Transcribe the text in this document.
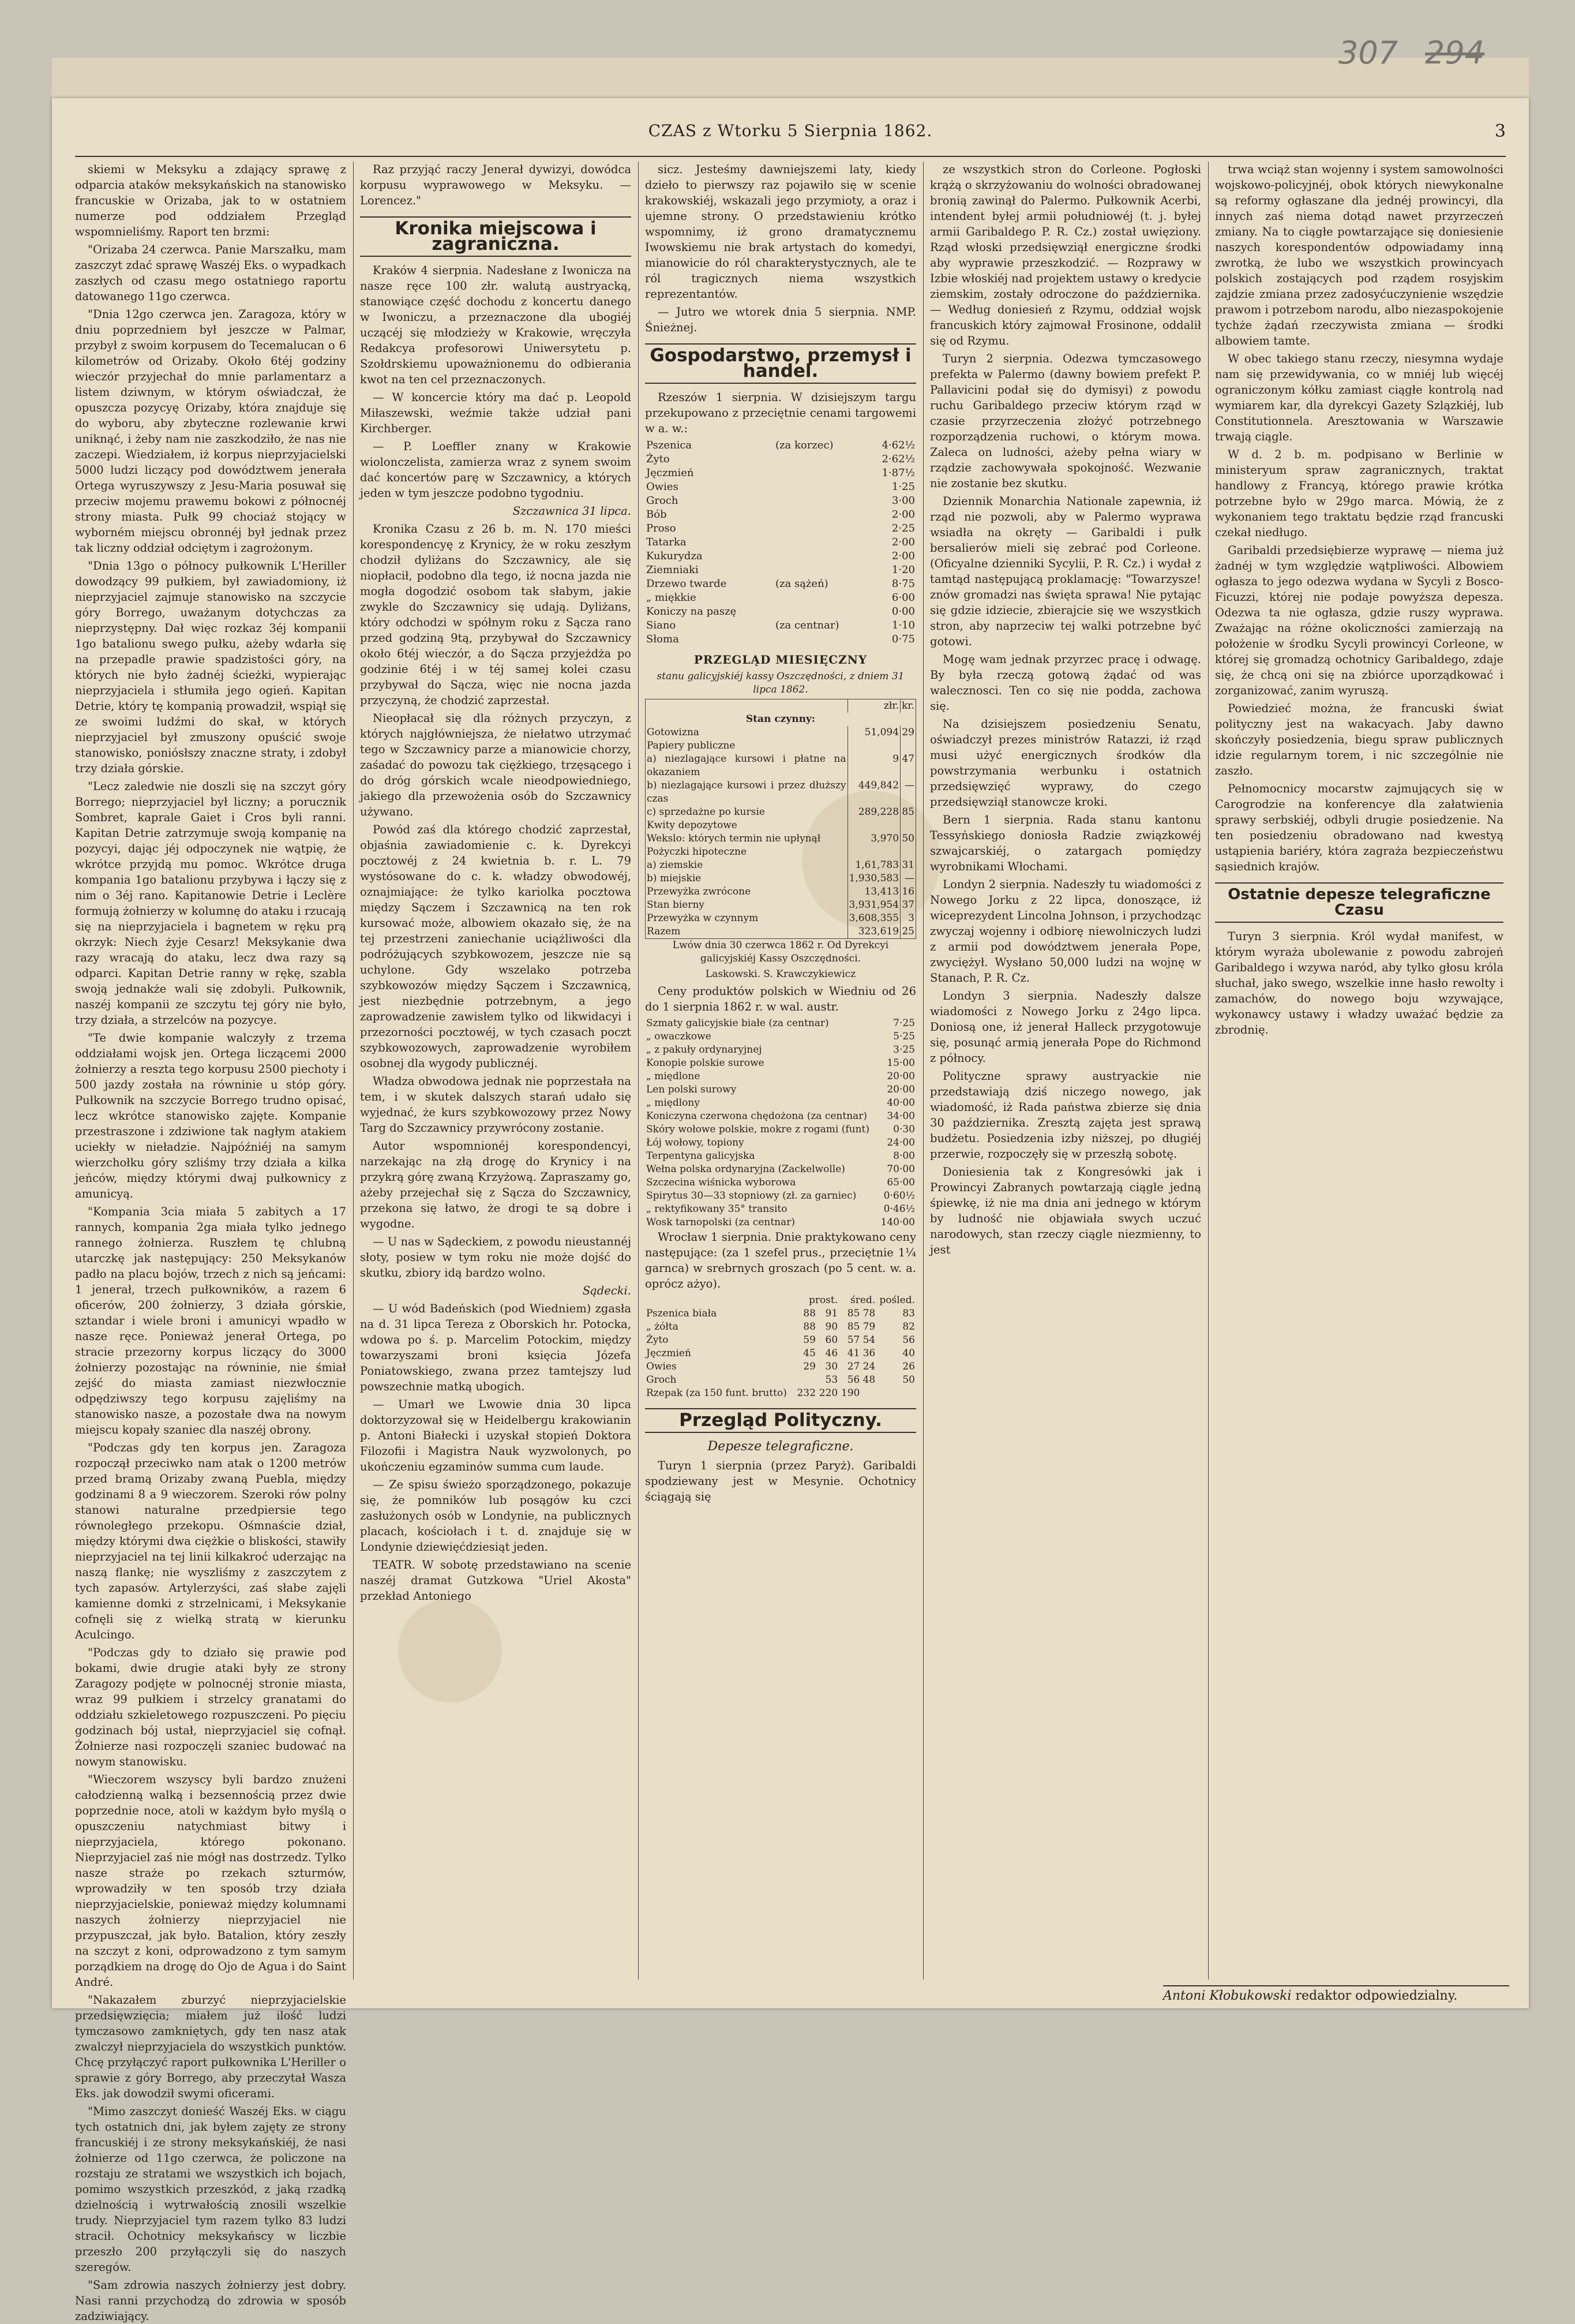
307 294
CZAS z Wtorku 5 Sierpnia 1862.	3

skiemi w Meksyku a zdający sprawę z odparcia ataków meksykańskich na stanowisko francuskie w Orizaba, jak to w ostatniem numerze pod oddziałem Przegląd wspomnieliśmy. Raport ten brzmi:

"Orizaba 24 czerwca. Panie Marszałku, mam zaszczyt zdać sprawę Waszéj Eks. o wypadkach zaszłych od czasu mego ostatniego raportu datowanego 11go czerwca.

"Dnia 12go czerwca jen. Zaragoza, który w dniu poprzedniem był jeszcze w Palmar, przybył z swoim korpusem do Tecemalucan o 6 kilometrów od Orizaby. Około 6téj godziny wieczór przyjechał do mnie parlamentarz a listem dziwnym, w którym oświadczał, że opuszcza pozycyę Orizaby, która znajduje się do wyboru, aby zbyteczne rozlewanie krwi uniknąć, i żeby nam nie zaszkodziło, że nas nie zaczepi. Wiedziałem, iż korpus nieprzyjacielski 5000 ludzi liczący pod dowództwem jenerała Ortega wyruszywszy z Jesu-Maria posuwał się przeciw mojemu prawemu bokowi z północnéj strony miasta. Pułk 99 chociaż stojący w wyborném miejscu obronnéj był jednak przez tak liczny oddział odciętym i zagrożonym.

"Dnia 13go o północy pułkownik L'Heriller dowodzący 99 pułkiem, był zawiadomiony, iż nieprzyjaciel zajmuje stanowisko na szczycie góry Borrego, uważanym dotychczas za nieprzystępny. Dał więc rozkaz 3éj kompanii 1go batalionu swego pułku, ażeby wdarła się na przepadle prawie spadzistości góry, na których nie było żadnéj ścieżki, wypierając nieprzyjaciela i stłumiła jego ogień. Kapitan Detrie, który tę kompanią prowadził, wspiął się ze swoimi ludźmi do skał, w których nieprzyjaciel był zmuszony opuścić swoje stanowisko, poniósłszy znaczne straty, i zdobył trzy działa górskie.

"Lecz zaledwie nie doszli się na szczyt góry Borrego; nieprzyjaciel był liczny; a porucznik Sombret, kaprale Gaiet i Cros byli ranni. Kapitan Detrie zatrzymuje swoją kompanię na pozycyi, dając jéj odpoczynek nie wątpię, że wkrótce przyjdą mu pomoc. Wkrótce druga kompania 1go batalionu przybywa i łączy się z nim o 3éj rano. Kapitanowie Detrie i Leclère formują żołnierzy w kolumnę do ataku i rzucają się na nieprzyjaciela i bagnetem w ręku prą okrzyk: Niech żyje Cesarz! Meksykanie dwa razy wracają do ataku, lecz dwa razy są odparci. Kapitan Detrie ranny w rękę, szabla swoją jednakże wali się zdobyli. Pułkownik, naszéj kompanii ze szczytu tej góry nie było, trzy działa, a strzelców na pozycye.

"Te dwie kompanie walczyły z trzema oddziałami wojsk jen. Ortega liczącemi 2000 żołnierzy a reszta tego korpusu 2500 piechoty i 500 jazdy została na równinie u stóp góry. Pułkownik na szczycie Borrego trudno opisać, lecz wkrótce stanowisko zajęte. Kompanie przestraszone i zdziwione tak nagłym atakiem uciekły w nieładzie. Najpóźniéj na samym wierzchołku góry szliśmy trzy działa a kilka jeńców, między którymi dwaj pułkownicy z amunicyą.

"Kompania 3cia miała 5 zabitych a 17 rannych, kompania 2ga miała tylko jednego rannego żołnierza. Ruszłem tę chlubną utarczkę jak następujący: 250 Meksykanów padło na placu bojów, trzech z nich są jeńcami: 1 jenerał, trzech pułkowników, a razem 6 oficerów, 200 żołnierzy, 3 działa górskie, sztandar i wiele broni i amunicyi wpadło w nasze ręce. Ponieważ jenerał Ortega, po stracie przezorny korpus liczący do 3000 żołnierzy pozostając na równinie, nie śmiał zejść do miasta zamiast niezwłocznie odpędziwszy tego korpusu zajęliśmy na stanowisko nasze, a pozostałe dwa na nowym miejscu kopały szaniec dla naszéj obrony.

"Podczas gdy ten korpus jen. Zaragoza rozpoczął przeciwko nam atak o 1200 metrów przed bramą Orizaby zwaną Puebla, między godzinami 8 a 9 wieczorem. Szeroki rów polny stanowi naturalne przedpiersie tego równoległego przekopu. Ośmnaście dział, między którymi dwa ciężkie o bliskości, stawiły nieprzyjaciel na tej linii kilkakroć uderzając na naszą flankę; nie wyszliśmy z zaszczytem z tych zapasów. Artylerzyści, zaś słabe zajęli kamienne domki z strzelnicami, i Meksykanie cofnęli się z wielką stratą w kierunku Aculcingo.

"Podczas gdy to działo się prawie pod bokami, dwie drugie ataki były ze strony Zaragozy podjęte w polnocnéj stronie miasta, wraz 99 pułkiem i strzelcy granatami do oddziału szkieletowego rozpuszczeni. Po pięciu godzinach bój ustał, nieprzyjaciel się cofnął. Żołnierze nasi rozpoczęli szaniec budować na nowym stanowisku.

"Wieczorem wszyscy byli bardzo znużeni całodzienną walką i bezsennością przez dwie poprzednie noce, atoli w każdym było myślą o opuszczeniu natychmiast bitwy i nieprzyjaciela, którego pokonano. Nieprzyjaciel zaś nie mógł nas dostrzedz. Tylko nasze straże po rzekach szturmów, wprowadziły w ten sposób trzy działa nieprzyjacielskie, ponieważ między kolumnami naszych żołnierzy nieprzyjaciel nie przypuszczał, jak było. Batalion, który zeszły na szczyt z koni, odprowadzono z tym samym porządkiem na drogę do Ojo de Agua i do Saint André.

"Nakazałem zburzyć nieprzyjacielskie przedsięwzięcia; miałem już ilość ludzi tymczasowo zamkniętych, gdy ten nasz atak zwalczył nieprzyjaciela do wszystkich punktów. Chcę przyłączyć raport pułkownika L'Heriller o sprawie z góry Borrego, aby przeczytał Wasza Eks. jak dowodził swymi oficerami.

"Mimo zaszczyt donieść Waszéj Eks. w ciągu tych ostatnich dni, jak byłem zajęty ze strony francuskiéj i ze strony meksykańskiéj, że nasi żołnierze od 11go czerwca, że policzone na rozstaju ze stratami we wszystkich ich bojach, pomimo wszystkich przeszkód, z jaką rzadką dzielnością i wytrwałością znosili wszelkie trudy. Nieprzyjaciel tym razem tylko 83 ludzi stracił. Ochotnicy meksykańscy w liczbie przeszło 200 przyłączyli się do naszych szeregów.

"Sam zdrowia naszych żołnierzy jest dobry. Nasi ranni przychodzą do zdrowia w sposób zadziwiający.

Raz przyjąć raczy Jenerał dywizyi, dowódca korpusu wyprawowego w Meksyku. — Lorencez."

Kronika miejscowa i zagraniczna.

Kraków 4 sierpnia. Nadesłane z Iwonicza na nasze ręce 100 złr. walutą austryacką, stanowiące część dochodu z koncertu danego w Iwoniczu, a przeznaczone dla ubogiéj uczącéj się młodzieży w Krakowie, wręczyła Redakcya profesorowi Uniwersytetu p. Szołdrskiemu upoważnionemu do odbierania kwot na ten cel przeznaczonych.

— W koncercie który ma dać p. Leopold Miłaszewski, weźmie także udział pani Kirchberger.

— P. Loeffler znany w Krakowie wiolonczelista, zamierza wraz z synem swoim dać koncertów parę w Szczawnicy, a których jeden w tym jeszcze podobno tygodniu.

Szczawnica 31 lipca.

Kronika Czasu z 26 b. m. N. 170 mieści korespondencyę z Krynicy, że w roku zeszłym chodził dyliżans do Szczawnicy, ale się niopłacił, podobno dla tego, iż nocna jazda nie mogła dogodzić osobom tak słabym, jakie zwykle do Szczawnicy się udają. Dyliżans, który odchodzi w spółnym roku z Sącza rano przed godziną 9tą, przybywał do Szczawnicy około 6téj wieczór, a do Sącza przyjeżdża po godzinie 6téj i w téj samej kolei czasu przybywał do Sącza, więc nie nocna jazda przyczyną, że chodzić zaprzestał.

Nieopłacał się dla różnych przyczyn, z których najgłówniejsza, że niełatwo utrzymać tego w Szczawnicy parze a mianowicie chorzy, zaśadać do powozu tak ciężkiego, trzęsącego i do dróg górskich wcale nieodpowiedniego, jakiego dla przewożenia osób do Szczawnicy używano.

Powód zaś dla którego chodzić zaprzestał, objaśnia zawiadomienie c. k. Dyrekcyi pocztowéj z 24 kwietnia b. r. L. 79 wystósowane do c. k. władzy obwodowéj, oznajmiające: że tylko kariolka pocztowa między Sączem i Szczawnicą na ten rok kursować może, albowiem okazało się, że na tej przestrzeni zaniechanie uciążliwości dla podróżujących szybkowozem, jeszcze nie są uchylone. Gdy wszelako potrzeba szybkowozów między Sączem i Szczawnicą, jest niezbędnie potrzebnym, a jego zaprowadzenie zawisłem tylko od likwidacyi i przezorności pocztowéj, w tych czasach poczt szybkowozowych, zaprowadzenie wyrobiłem osobnej dla wygody publicznéj.

Władza obwodowa jednak nie poprzestała na tem, i w skutek dalszych starań udało się wyjednać, że kurs szybkowozowy przez Nowy Targ do Szczawnicy przywrócony zostanie.

Autor wspomnionéj korespondencyi, narzekając na złą drogę do Krynicy i na przykrą górę zwaną Krzyżową. Zapraszamy go, ażeby przejechał się z Sącza do Szczawnicy, przekona się łatwo, że drogi te są dobre i wygodne.

— U nas w Sądeckiem, z powodu nieustannéj słoty, posiew w tym roku nie może dojść do skutku, zbiory idą bardzo wolno.

Sądecki.

— U wód Badeńskich (pod Wiedniem) zgasła na d. 31 lipca Tereza z Oborskich hr. Potocka, wdowa po ś. p. Marcelim Potockim, między towarzyszami broni księcia Józefa Poniatowskiego, zwana przez tamtejszy lud powszechnie matką ubogich.

— Umarł we Lwowie dnia 30 lipca doktorzyzował się w Heidelbergu krakowianin p. Antoni Białecki i uzyskał stopień Doktora Filozofii i Magistra Nauk wyzwolonych, po ukończeniu egzaminów summa cum laude.

— Ze spisu świeżo sporządzonego, pokazuje się, że pomników lub posągów ku czci zasłużonych osób w Londynie, na publicznych placach, kościołach i t. d. znajduje się w Londynie dziewięćdziesiąt jeden.

TEATR. W sobotę przedstawiano na scenie naszéj dramat Gutzkowa "Uriel Akosta" przekład Antoniego

sicz. Jesteśmy dawniejszemi laty, kiedy dzieło to pierwszy raz pojawiło się w scenie krakowskiéj, wskazali jego przymioty, a oraz i ujemne strony. O przedstawieniu krótko wspomnimy, iż grono dramatycznemu Iwowskiemu nie brak artystach do komedyi, mianowicie do ról charakterystycznych, ale te ról tragicznych niema wszystkich reprezentantów.

— Jutro we wtorek dnia 5 sierpnia. NMP. Śnieżnej.

Gospodarstwo, przemysł i handel.

Rzeszów 1 sierpnia. W dzisiejszym targu przekupowano z przeciętnie cenami targowemi w a. w.:

Pszenica	(za korzec)	4·62½
Żyto		2·62½
Jęczmień		1·87½
Owies		1·25
Groch		3·00
Bób		2·00
Proso		2·25
Tatarka		2·00
Kukurydza		2·00
Ziemniaki		1·20
Drzewo twarde	(za sążeń)	8·75
„ miękkie		6·00
Koniczy na paszę		0·00
Siano	(za centnar)	1·10
Słoma		0·75
PRZEGLĄD MIESIĘCZNY

stanu galicyjskiéj kassy Oszczędności, z dniem 31 lipca 1862.

	złr.	kr.
Stan czynny:		
Gotowizna	51,094	29
Papiery publiczne		
a) niezlagające kursowi i płatne na okazaniem	9	47
b) niezlagające kursowi i przez dłuższy czas	449,842	—
c) sprzedażne po kursie	289,228	85
Kwity depozytowe		
Wekslo: których termin nie upłynął	3,970	50
Pożyczki hipoteczne		
a) ziemskie	1,61,783	31
b) miejskie	1,930,583	—
Przewyżka zwrócone	13,413	16
Stan bierny	3,931,954	37
Przewyżka w czynnym	3,608,355	3
Razem	323,619	25

Lwów dnia 30 czerwca 1862 r. Od Dyrekcyi galicyjskiéj Kassy Oszczędności.

Laskowski. S. Krawczykiewicz

Ceny produktów polskich w Wiedniu od 26 do 1 sierpnia 1862 r. w wal. austr.

Szmaty galicyjskie białe (za centnar)	7·25
„ owaczkowe	5·25
„ z pakuły ordynaryjnej	3·25
Konopie polskie surowe	15·00
„ międlone	20·00
Len polski surowy	20·00
„ międlony	40·00
Koniczyna czerwona chędożona (za centnar)	34·00
Skóry wołowe polskie, mokre z rogami (funt)	0·30
Łój wołowy, topiony	24·00
Terpentyna galicyjska	8·00
Wełna polska ordynaryjna (Zackelwolle)	70·00
Szczecina wiśnicka wyborowa	65·00
Spirytus 30—33 stopniowy (zł. za garniec)	0·60½
„ rektyfikowany 35° transito	0·46½
Wosk tarnopolski (za centnar)	140·00

Wrocław 1 sierpnia. Dnie praktykowano ceny następujące: (za 1 szefel prus., przeciętnie 1¼ garnca) w srebrnych groszach (po 5 cent. w. a. oprócz ażyo).

	prost.		śred.		pośled.
Pszenica biała	88	91	85	78	83
„ żółta	88	90	85	79	82
Żyto	59	60	57	54	56
Jęczmień	45	46	41	36	40
Owies	29	30	27	24	26
Groch		53	56	48	50
Rzepak (za 150 funt. brutto)	232	220	190		
Przegląd Polityczny.
Depesze telegraficzne.

Turyn 1 sierpnia (przez Paryż). Garibaldi spodziewany jest w Mesynie. Ochotnicy ściągają się

ze wszystkich stron do Corleone. Pogłoski krążą o skrzyżowaniu do wolności obradowanej bronią zawinął do Palermo. Pułkownik Acerbi, intendent byłej armii południowéj (t. j. byłej armii Garibaldego P. R. Cz.) został uwięziony. Rząd włoski przedsięwziął energiczne środki aby wyprawie przeszkodzić. — Rozprawy w Izbie włoskiéj nad projektem ustawy o kredycie ziemskim, zostały odroczone do października. — Według doniesień z Rzymu, oddział wojsk francuskich który zajmował Frosinone, oddalił się od Rzymu.

Turyn 2 sierpnia. Odezwa tymczasowego prefekta w Palermo (dawny bowiem prefekt P. Pallavicini podał się do dymisyi) z powodu ruchu Garibaldego przeciw którym rząd w czasie przyrzeczenia złożyć potrzebnego rozporządzenia ruchowi, o którym mowa. Zaleca on ludności, ażeby pełna wiary w rządzie zachowywała spokojność. Wezwanie nie zostanie bez skutku.

Dziennik Monarchia Nationale zapewnia, iż rząd nie pozwoli, aby w Palermo wyprawa wsiadła na okręty — Garibaldi i pułk bersalierów mieli się zebrać pod Corleone. (Oficyalne dzienniki Sycylii, P. R. Cz.) i wydał z tamtąd następującą proklamację: "Towarzysze! znów gromadzi nas święta sprawa! Nie pytając się gdzie idziecie, zbierajcie się we wszystkich stron, aby naprzeciw tej walki potrzebne być gotowi.

Mogę wam jednak przyrzec pracę i odwagę. By była rzeczą gotową żądać od was walecznosci. Ten co się nie podda, zachowa się.

Na dzisiejszem posiedzeniu Senatu, oświadczył prezes ministrów Ratazzi, iż rząd musi użyć energicznych środków dla powstrzymania werbunku i ostatnich przedsięwzięć wyprawy, do czego przedsięwziął stanowcze kroki.

Bern 1 sierpnia. Rada stanu kantonu Tessyńskiego doniosła Radzie związkowéj szwajcarskiéj, o zatargach pomiędzy wyrobnikami Włochami.

Londyn 2 sierpnia. Nadeszły tu wiadomości z Nowego Jorku z 22 lipca, donoszące, iż wiceprezydent Lincolna Johnson, i przychodząc zwyczaj wojenny i odbiorę niewolniczych ludzi z armii pod dowództwem jenerała Pope, zwyciężył. Wysłano 50,000 ludzi na wojnę w Stanach, P. R. Cz.

Londyn 3 sierpnia. Nadeszły dalsze wiadomości z Nowego Jorku z 24go lipca. Doniosą one, iż jenerał Halleck przygotowuje się, posunąć armią jenerała Pope do Richmond z północy.

Polityczne sprawy austryackie nie przedstawiają dziś niczego nowego, jak wiadomość, iż Rada państwa zbierze się dnia 30 października. Zresztą zajęta jest sprawą budżetu. Posiedzenia izby niższej, po długiéj przerwie, rozpoczęły się w przeszłą sobotę.

Doniesienia tak z Kongresówki jak i Prowincyi Zabranych powtarzają ciągle jedną śpiewkę, iż nie ma dnia ani jednego w którym by ludność nie objawiała swych uczuć narodowych, stan rzeczy ciągle niezmienny, to jest

trwa wciąż stan wojenny i system samowolności wojskowo-policyjnéj, obok których niewykonalne są reformy ogłaszane dla jednéj prowincyi, dla innych zaś niema dotąd nawet przyrzeczeń zmiany. Na to ciągłe powtarzające się doniesienie naszych korespondentów odpowiadamy inną zwrotką, że lubo we wszystkich prowincyach polskich zostających pod rządem rosyjskim zajdzie zmiana przez zadosyćuczynienie wszędzie prawom i potrzebom narodu, albo niezaspokojenie tychże żądań rzeczywista zmiana — środki albowiem tamte.

W obec takiego stanu rzeczy, niesymna wydaje nam się przewidywania, co w mniéj lub więcéj ograniczonym kółku zamiast ciągłe kontrolą nad wymiarem kar, dla dyrekcyi Gazety Szlązkiéj, lub Constitutionnela. Aresztowania w Warszawie trwają ciągle.

W d. 2 b. m. podpisano w Berlinie w ministeryum spraw zagranicznych, traktat handlowy z Francyą, którego prawie krótka potrzebne było w 29go marca. Mówią, że z wykonaniem tego traktatu będzie rząd francuski czekał niedługo.

Garibaldi przedsiębierze wyprawę — niema już żadnéj w tym względzie wątpliwości. Albowiem ogłasza to jego odezwa wydana w Sycyli z Bosco-Ficuzzi, której nie podaje powyższa depesza. Odezwa ta nie ogłasza, gdzie ruszy wyprawa. Zważając na różne okoliczności zamierzają na położenie w środku Sycyli prowincyi Corleone, w której się gromadzą ochotnicy Garibaldego, zdaje się, że chcą oni się na zbiórce uporządkować i zorganizować, zanim wyruszą.

Powiedzieć można, że francuski świat polityczny jest na wakacyach. Jaby dawno skończyły posiedzenia, biegu spraw publicznych idzie regularnym torem, i nic szczególnie nie zaszło.

Pełnomocnicy mocarstw zajmujących się w Carogrodzie na konferencye dla załatwienia sprawy serbskiéj, odbyli drugie posiedzenie. Na ten posiedzeniu obradowano nad kwestyą ustąpienia bariéry, która zagraża bezpieczeństwu sąsiednich krajów.

Ostatnie depesze telegraficzne Czasu

Turyn 3 sierpnia. Król wydał manifest, w którym wyraża ubolewanie z powodu zabrojeń Garibaldego i wzywa naród, aby tylko głosu króla słuchał, jako swego, wszelkie inne hasło rewolty i zamachów, do nowego boju wzywające, wykonawcy ustawy i władzy uważać będzie za zbrodnię.

Antoni Kłobukowski redaktor odpowiedzialny.
